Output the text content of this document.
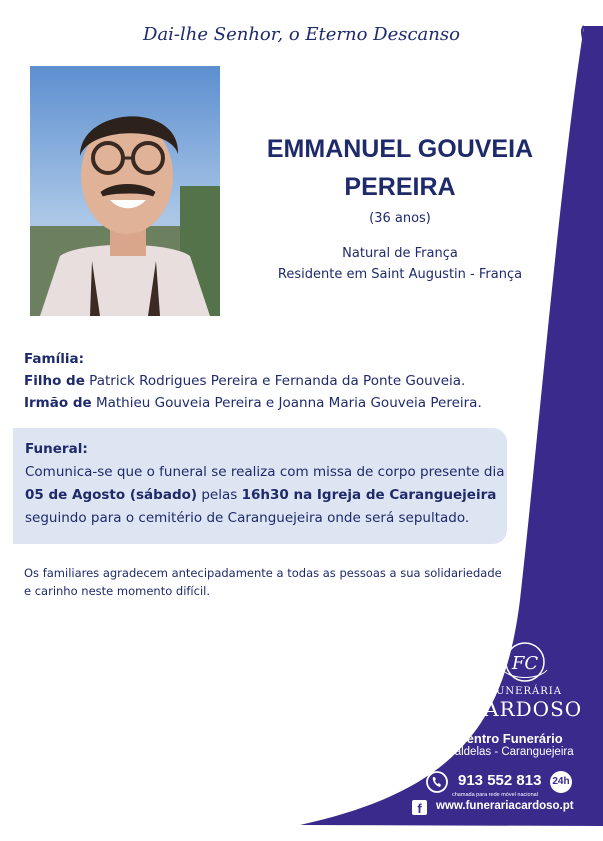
Dai-lhe Senhor, o Eterno Descanso
EMMANUEL GOUVEIA
PEREIRA
(36 anos)
Natural de França
Residente em Saint Augustin - França
Família:
Filho de Patrick Rodrigues Pereira e Fernanda da Ponte Gouveia.
Irmão de Mathieu Gouveia Pereira e Joanna Maria Gouveia Pereira.
Funeral:
Comunica-se que o funeral se realiza com missa de corpo presente dia 05 de Agosto (sábado) pelas 16h30 na Igreja de Caranguejeira seguindo para o cemitério de Caranguejeira onde será sepultado.
Os familiares agradecem antecipadamente a todas as pessoas a sua solidariedade e carinho neste momento difícil.
FC
FUNERÁRIA
CARDOSO
Centro Funerário
Caldelas - Caranguejeira
913 552 813 24h
chamada para rede móvel nacional
f	www.funerariacardoso.pt
